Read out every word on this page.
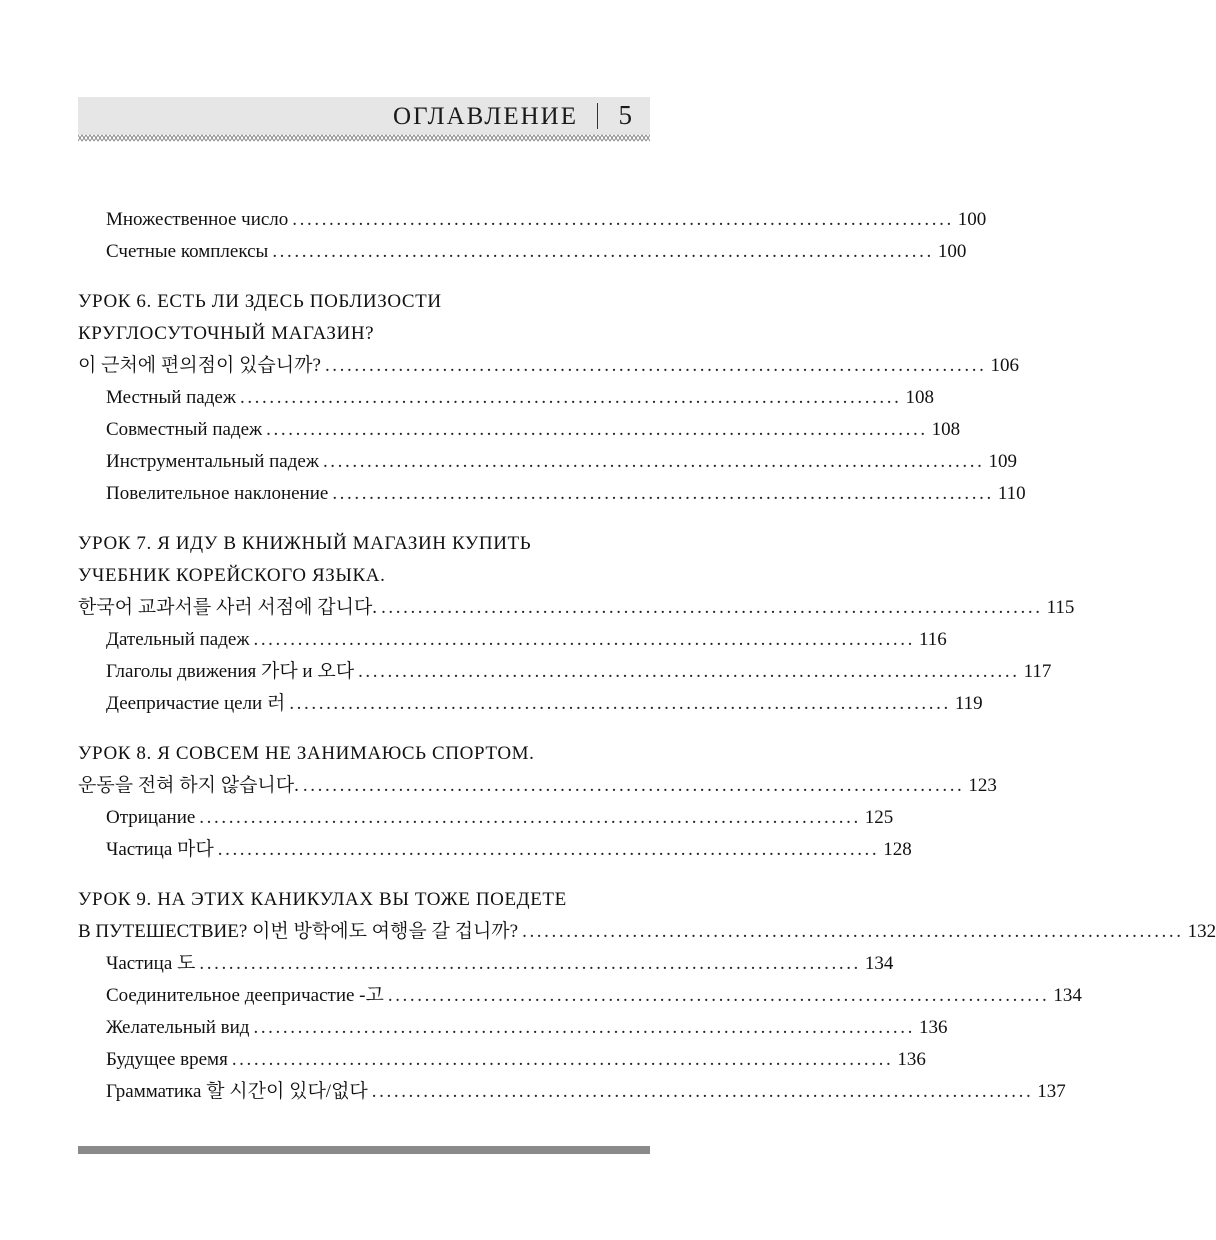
ОГЛАВЛЕНИЕ 5
Множественное число .......................................................................................... 100
Счетные комплексы .......................................................................................... 100
УРОК 6. ЕСТЬ ЛИ ЗДЕСЬ ПОБЛИЗОСТИ
КРУГЛОСУТОЧНЫЙ МАГАЗИН?
이 근처에 편의점이 있습니까? .......................................................................................... 106
Местный падеж .......................................................................................... 108
Совместный падеж .......................................................................................... 108
Инструментальный падеж .......................................................................................... 109
Повелительное наклонение .......................................................................................... 110
УРОК 7. Я ИДУ В КНИЖНЫЙ МАГАЗИН КУПИТЬ
УЧЕБНИК КОРЕЙСКОГО ЯЗЫКА.
한국어 교과서를 사러 서점에 갑니다. .......................................................................................... 115
Дательный падеж .......................................................................................... 116
Глаголы движения 가다 и 오다 .......................................................................................... 117
Деепричастие цели 러 .......................................................................................... 119
УРОК 8. Я СОВСЕМ НЕ ЗАНИМАЮСЬ СПОРТОМ.
운동을 전혀 하지 않습니다. .......................................................................................... 123
Отрицание .......................................................................................... 125
Частица 마다 .......................................................................................... 128
УРОК 9. НА ЭТИХ КАНИКУЛАХ ВЫ ТОЖЕ ПОЕДЕТЕ
В ПУТЕШЕСТВИЕ? 이번 방학에도 여행을 갈 겁니까? .......................................................................................... 132
Частица 도 .......................................................................................... 134
Соединительное деепричастие -고 .......................................................................................... 134
Желательный вид .......................................................................................... 136
Будущее время .......................................................................................... 136
Грамматика 할 시간이 있다/없다 .......................................................................................... 137
